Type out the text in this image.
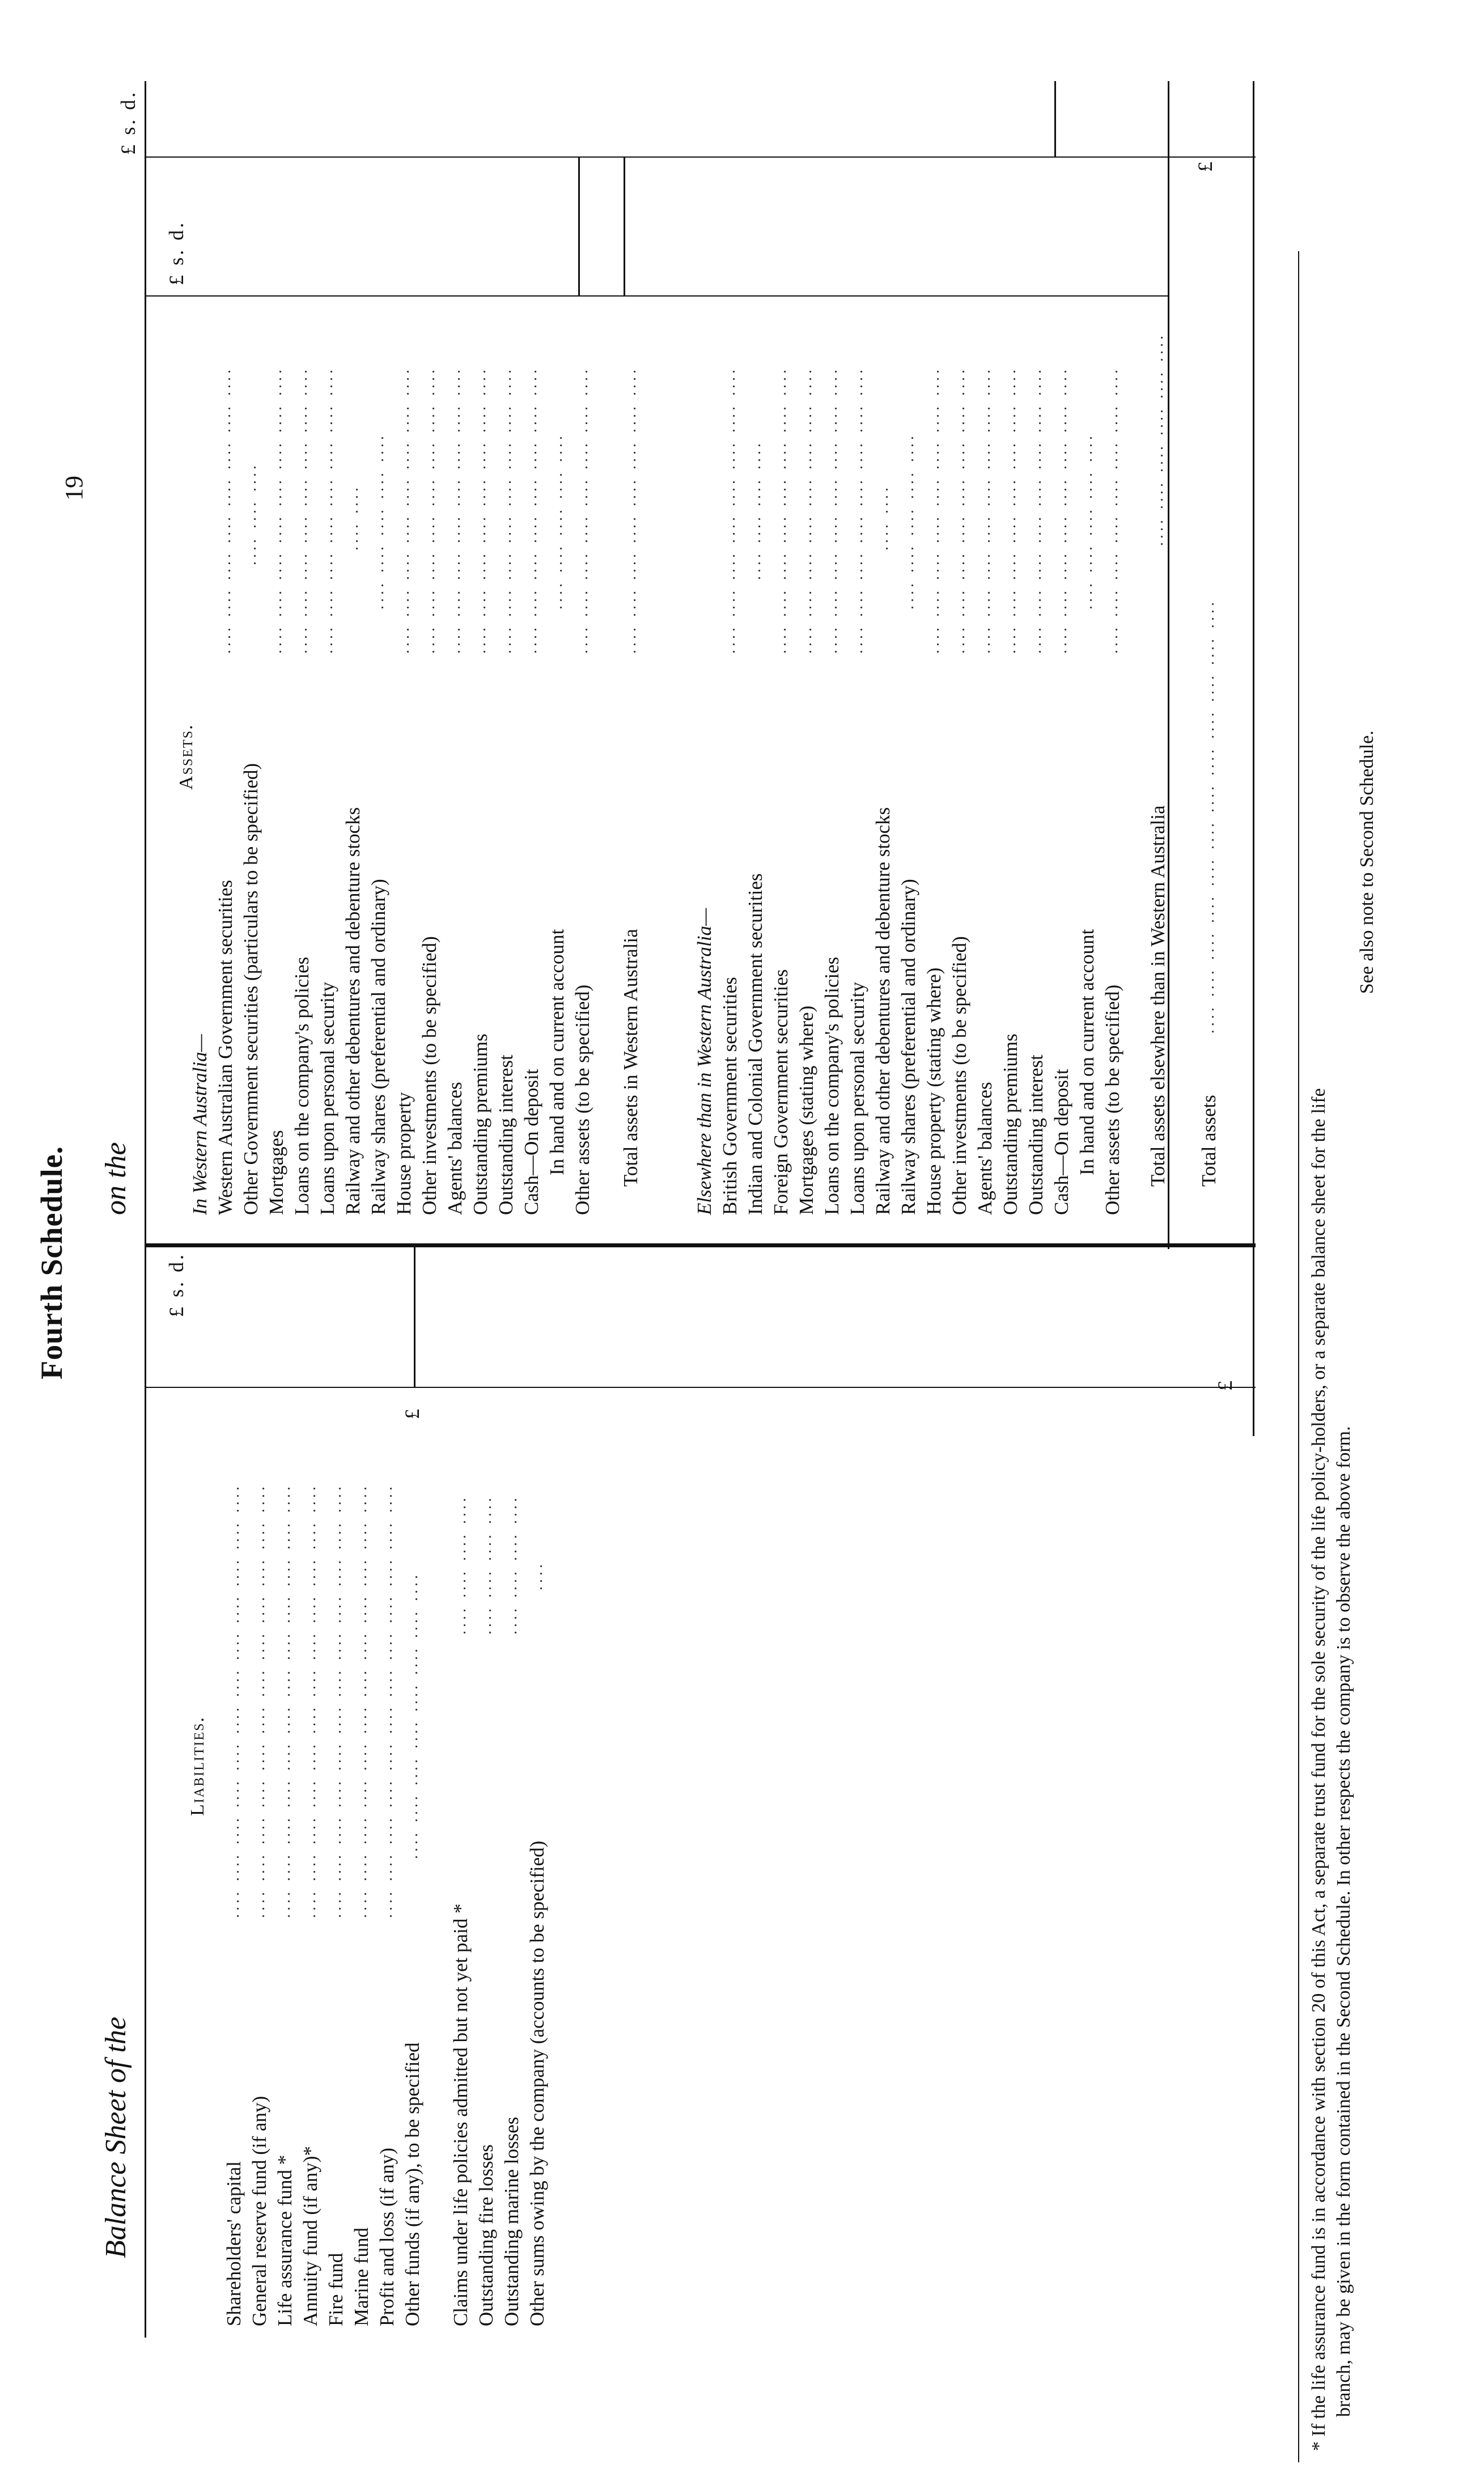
Fourth Schedule.
Balance Sheet of the
on the
19
Liabilities.
£ s. d.
Shareholders' capital General reserve fund (if any) Life assurance fund * Annuity fund (if any)* Fire fund Marine fund Profit and loss (if any) Other funds (if any), to be specified
.... .... .... .... .... .... .... .... .... .... .... .... .... .... .... .... .... .... .... .... .... .... .... .... .... .... .... .... .... .... .... .... .... .... .... .... .... .... .... .... .... .... .... .... .... .... .... .... .... .... .... .... .... .... .... .... .... .... .... .... .... .... .... .... .... .... .... .... .... .... .... .... .... .... .... .... .... .... .... .... .... .... .... .... .... .... .... .... .... .... .... ....
£
Claims under life policies admitted but not yet paid * Outstanding fire losses Outstanding marine losses Other sums owing by the company (accounts to be specified)
.... .... .... .... .... .... .... .... .... .... .... .... ....
£
Assets.
£ s. d.
£ s. d.
In Western Australia— Western Australian Government securities Other Government securities (particulars to be specified) Mortgages Loans on the company's policies Loans upon personal security Railway and other debentures and debenture stocks Railway shares (preferential and ordinary) House property Other investments (to be specified) Agents' balances Outstanding premiums Outstanding interest Cash—On deposit In hand and on current account Other assets (to be specified)
.... .... .... .... .... .... .... .... .... .... .... .... .... .... .... .... .... .... .... .... .... .... .... .... .... .... .... .... .... .... .... .... .... .... .... .... .... .... .... .... .... .... .... .... .... .... .... .... .... .... .... .... .... .... .... .... .... .... .... .... .... .... .... .... .... .... .... .... .... .... .... .... .... .... .... .... .... .... .... .... .... .... .... .... .... .... .... .... .... .... .... .... .... .... .... .... .... .... .... .... .... .... ....
Total assets in Western Australia
.... .... .... .... .... .... .... ....
Elsewhere than in Western Australia— British Government securities Indian and Colonial Government securities Foreign Government securities Mortgages (stating where) Loans on the company's policies Loans upon personal security Railway and other debentures and debenture stocks Railway shares (preferential and ordinary) House property (stating where) Other investments (to be specified) Agents' balances Outstanding premiums Outstanding interest Cash—On deposit In hand and on current account Other assets (to be specified)
.... .... .... .... .... .... .... .... .... .... .... .... .... .... .... .... .... .... .... .... .... .... .... .... .... .... .... .... .... .... .... .... .... .... .... .... .... .... .... .... .... .... .... .... .... .... .... .... .... .... .... .... .... .... .... .... .... .... .... .... .... .... .... .... .... .... .... .... .... .... .... .... .... .... .... .... .... .... .... .... .... .... .... .... .... .... .... .... .... .... .... .... .... .... .... .... .... .... .... .... .... .... .... .... .... .... .... .... .... .... .... ....
Total assets elsewhere than in Western Australia
.... .... .... .... .... ....
Total assets
.... .... .... .... .... .... .... .... .... .... .... ....
£
* If the life assurance fund is in accordance with section 20 of this Act, a separate trust fund for the sole security of the life policy-holders, or a separate balance sheet for the life branch, may be given in the form contained in the Second Schedule. In other respects the company is to observe the above form.
See also note to Second Schedule.
